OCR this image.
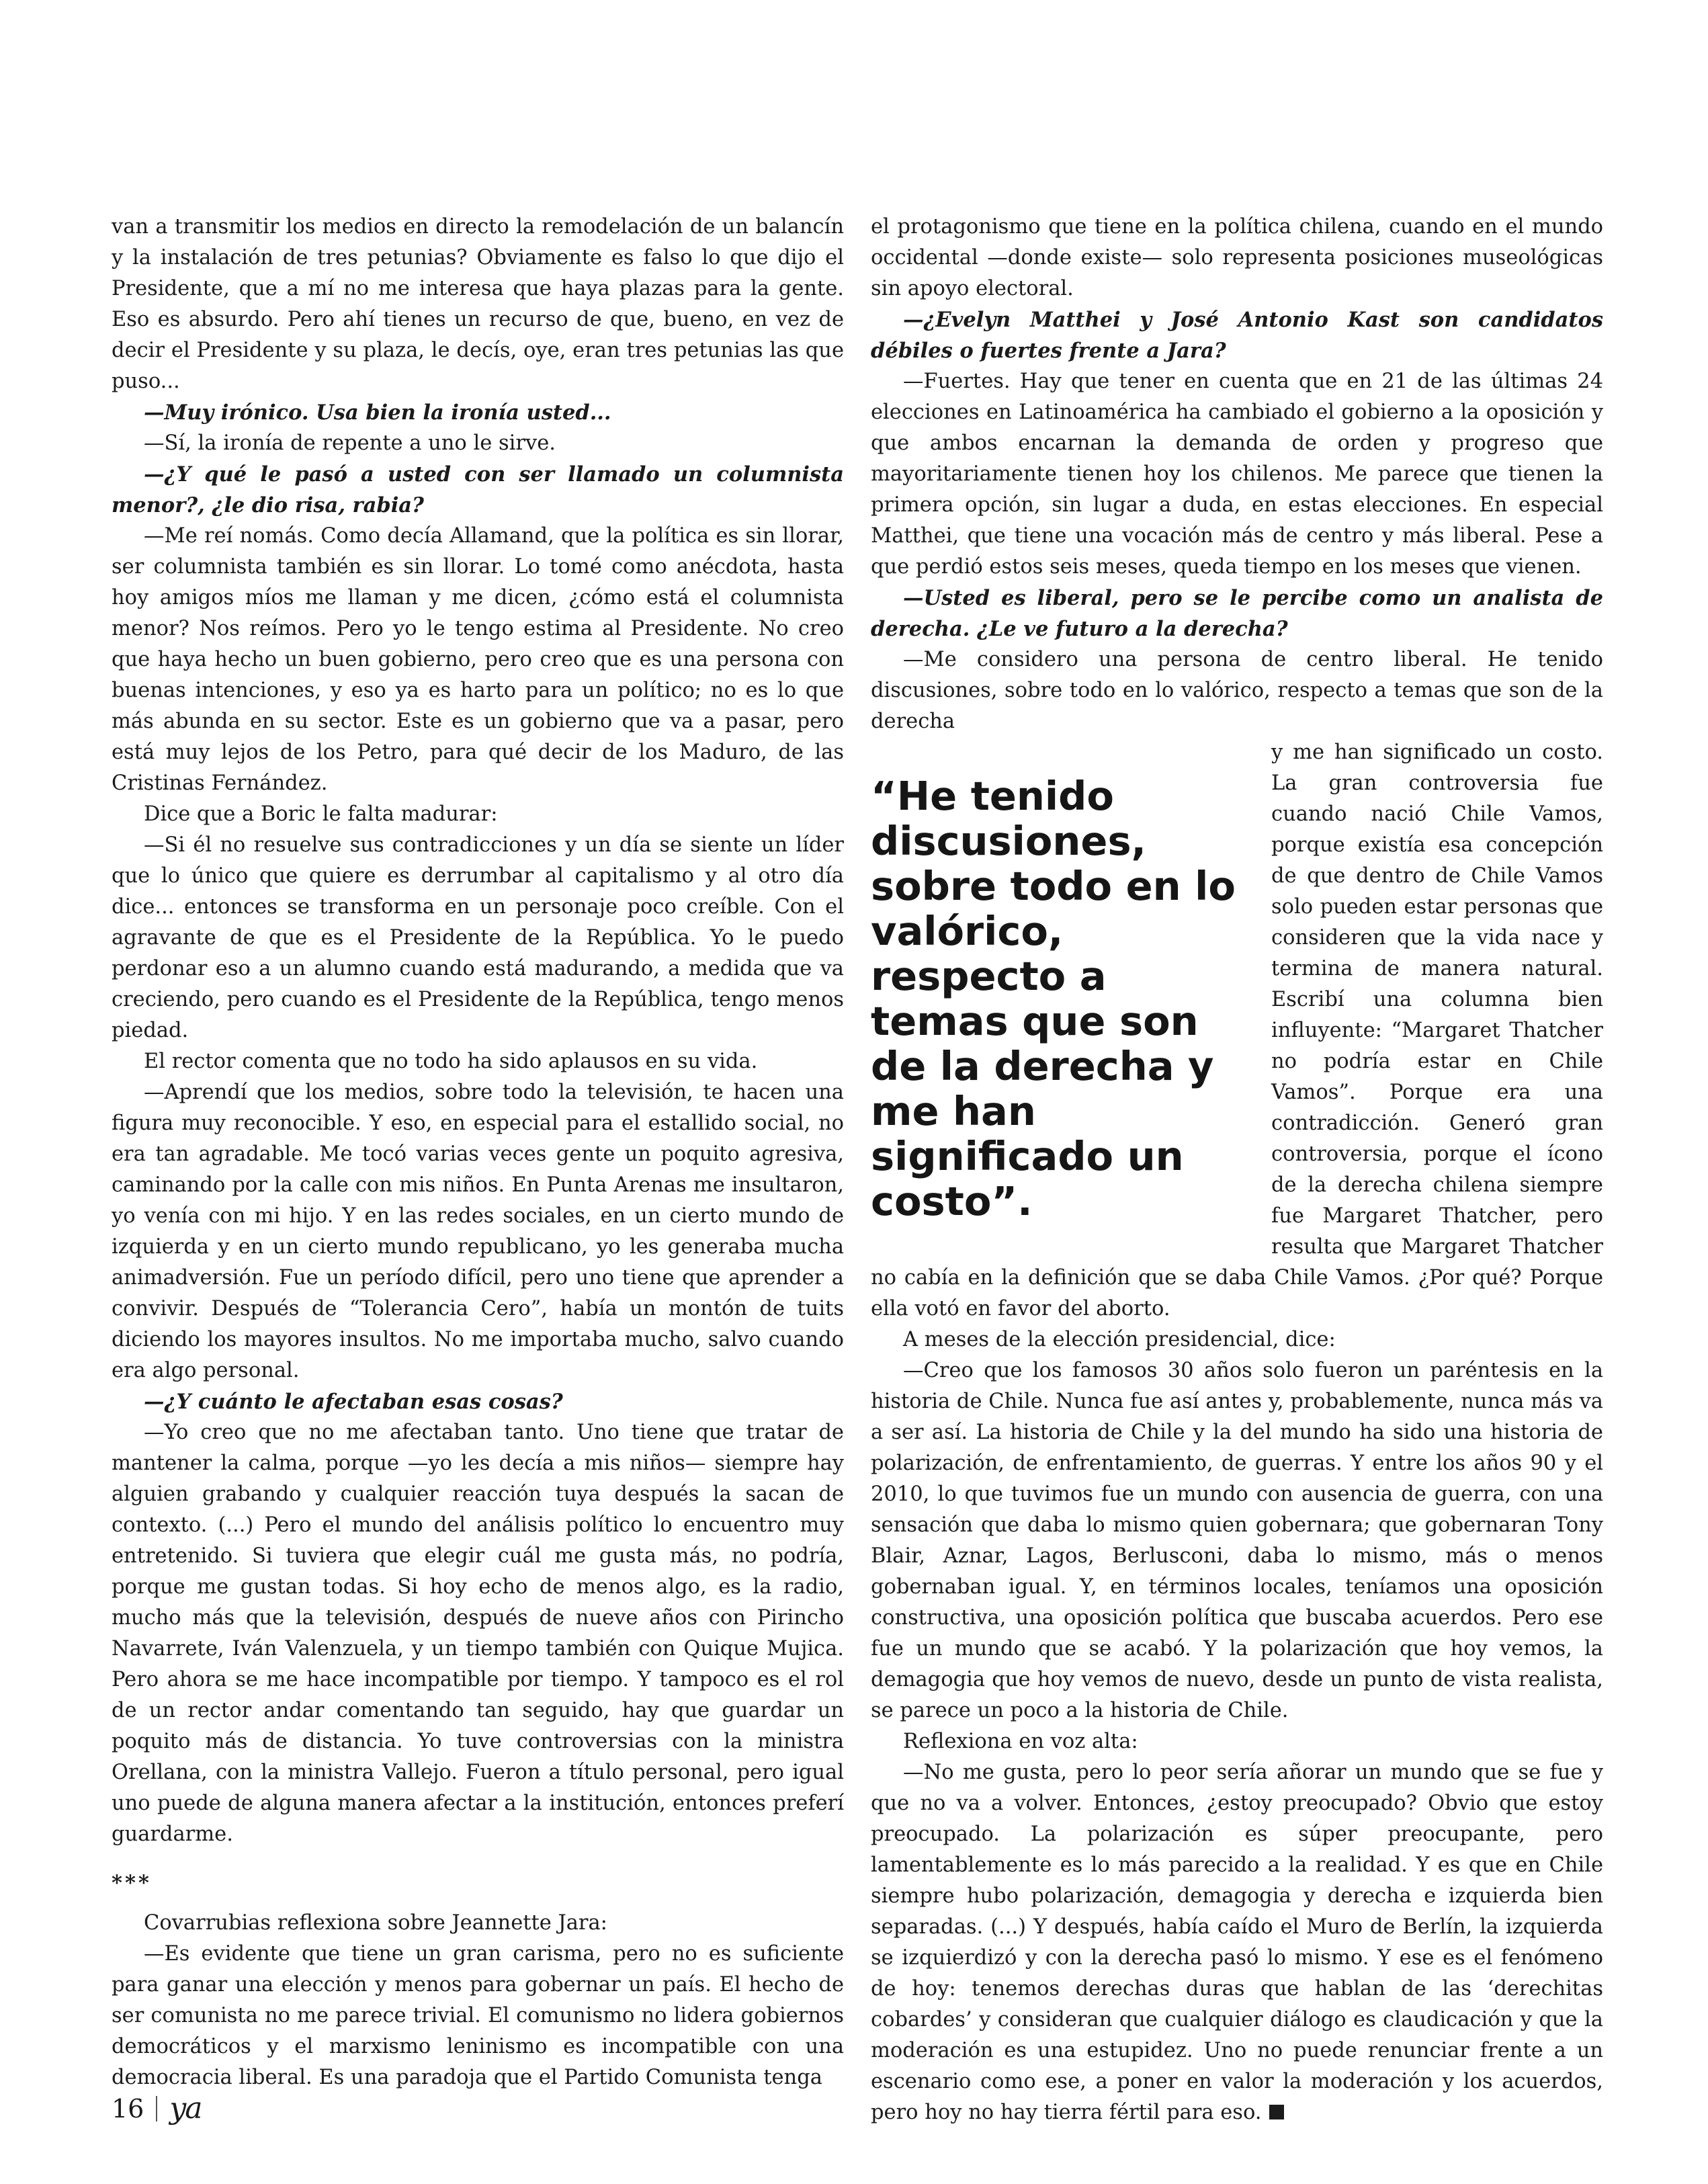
van a transmitir los medios en directo la remodelación de un balancín y la instalación de tres petunias? Obviamente es falso lo que dijo el Presidente, que a mí no me interesa que haya plazas para la gente. Eso es absurdo. Pero ahí tienes un recurso de que, bueno, en vez de decir el Presidente y su plaza, le decís, oye, eran tres petunias las que puso...

—Muy irónico. Usa bien la ironía usted...

—Sí, la ironía de repente a uno le sirve.

—¿Y qué le pasó a usted con ser llamado un columnista menor?, ¿le dio risa, rabia?

—Me reí nomás. Como decía Allamand, que la política es sin llorar, ser columnista también es sin llorar. Lo tomé como anécdota, hasta hoy amigos míos me llaman y me dicen, ¿cómo está el columnista menor? Nos reímos. Pero yo le tengo estima al Presidente. No creo que haya hecho un buen gobierno, pero creo que es una persona con buenas intenciones, y eso ya es harto para un político; no es lo que más abunda en su sector. Este es un gobierno que va a pasar, pero está muy lejos de los Petro, para qué decir de los Maduro, de las Cristinas Fernández.

Dice que a Boric le falta madurar:

—Si él no resuelve sus contradicciones y un día se siente un líder que lo único que quiere es derrumbar al capitalismo y al otro día dice... entonces se transforma en un personaje poco creíble. Con el agravante de que es el Presidente de la República. Yo le puedo perdonar eso a un alumno cuando está madurando, a medida que va creciendo, pero cuando es el Presidente de la República, tengo menos piedad.

El rector comenta que no todo ha sido aplausos en su vida.

—Aprendí que los medios, sobre todo la televisión, te hacen una figura muy reconocible. Y eso, en especial para el estallido social, no era tan agradable. Me tocó varias veces gente un poquito agresiva, caminando por la calle con mis niños. En Punta Arenas me insultaron, yo venía con mi hijo. Y en las redes sociales, en un cierto mundo de izquierda y en un cierto mundo republicano, yo les generaba mucha animadversión. Fue un período difícil, pero uno tiene que aprender a convivir. Después de “Tolerancia Cero”, había un montón de tuits diciendo los mayores insultos. No me importaba mucho, salvo cuando era algo personal.

—¿Y cuánto le afectaban esas cosas?

—Yo creo que no me afectaban tanto. Uno tiene que tratar de mantener la calma, porque —yo les decía a mis niños— siempre hay alguien grabando y cualquier reacción tuya después la sacan de contexto. (...) Pero el mundo del análisis político lo encuentro muy entretenido. Si tuviera que elegir cuál me gusta más, no podría, porque me gustan todas. Si hoy echo de menos algo, es la radio, mucho más que la televisión, después de nueve años con Pirincho Navarrete, Iván Valenzuela, y un tiempo también con Quique Mujica. Pero ahora se me hace incompatible por tiempo. Y tampoco es el rol de un rector andar comentando tan seguido, hay que guardar un poquito más de distancia. Yo tuve controversias con la ministra Orellana, con la ministra Vallejo. Fueron a título personal, pero igual uno puede de alguna manera afectar a la institución, entonces preferí guardarme.

***

Covarrubias reflexiona sobre Jeannette Jara:

—Es evidente que tiene un gran carisma, pero no es suficiente para ganar una elección y menos para gobernar un país. El hecho de ser comunista no me parece trivial. El comunismo no lidera gobiernos democráticos y el marxismo leninismo es incompatible con una democracia liberal. Es una paradoja que el Partido Comunista tenga

el protagonismo que tiene en la política chilena, cuando en el mundo occidental —donde existe— solo representa posiciones museológicas sin apoyo electoral.

—¿Evelyn Matthei y José Antonio Kast son candidatos débiles o fuertes frente a Jara?

—Fuertes. Hay que tener en cuenta que en 21 de las últimas 24 elecciones en Latinoamérica ha cambiado el gobierno a la oposición y que ambos encarnan la demanda de orden y progreso que mayoritariamente tienen hoy los chilenos. Me parece que tienen la primera opción, sin lugar a duda, en estas elecciones. En especial Matthei, que tiene una vocación más de centro y más liberal. Pese a que perdió estos seis meses, queda tiempo en los meses que vienen.

—Usted es liberal, pero se le percibe como un analista de derecha. ¿Le ve futuro a la derecha?

—Me considero una persona de centro liberal. He tenido discusiones, sobre todo en lo valórico, respecto a temas que son de la derecha

“He tenido discusiones, sobre todo en lo valórico, respecto a temas que son de la derecha y me han significado un costo”.

y me han significado un costo. La gran controversia fue cuando nació Chile Vamos, porque existía esa concepción de que dentro de Chile Vamos solo pueden estar personas que consideren que la vida nace y termina de manera natural. Escribí una columna bien influyente: “Margaret Thatcher no podría estar en Chile Vamos”. Porque era una contradicción. Generó gran controversia, porque el ícono de la derecha chilena siempre fue Margaret Thatcher, pero resulta que Margaret Thatcher no cabía en la definición que se daba Chile Vamos. ¿Por qué? Porque ella votó en favor del aborto.

A meses de la elección presidencial, dice:

—Creo que los famosos 30 años solo fueron un paréntesis en la historia de Chile. Nunca fue así antes y, probablemente, nunca más va a ser así. La historia de Chile y la del mundo ha sido una historia de polarización, de enfrentamiento, de guerras. Y entre los años 90 y el 2010, lo que tuvimos fue un mundo con ausencia de guerra, con una sensación que daba lo mismo quien gobernara; que gobernaran Tony Blair, Aznar, Lagos, Berlusconi, daba lo mismo, más o menos gobernaban igual. Y, en términos locales, teníamos una oposición constructiva, una oposición política que buscaba acuerdos. Pero ese fue un mundo que se acabó. Y la polarización que hoy vemos, la demagogia que hoy vemos de nuevo, desde un punto de vista realista, se parece un poco a la historia de Chile.

Reflexiona en voz alta:

—No me gusta, pero lo peor sería añorar un mundo que se fue y que no va a volver. Entonces, ¿estoy preocupado? Obvio que estoy preocupado. La polarización es súper preocupante, pero lamentablemente es lo más parecido a la realidad. Y es que en Chile siempre hubo polarización, demagogia y derecha e izquierda bien separadas. (...) Y después, había caído el Muro de Berlín, la izquierda se izquierdizó y con la derecha pasó lo mismo. Y ese es el fenómeno de hoy: tenemos derechas duras que hablan de las ‘derechitas cobardes’ y consideran que cualquier diálogo es claudicación y que la moderación es una estupidez. Uno no puede renunciar frente a un escenario como ese, a poner en valor la moderación y los acuerdos, pero hoy no hay tierra fértil para eso.

16 ya
